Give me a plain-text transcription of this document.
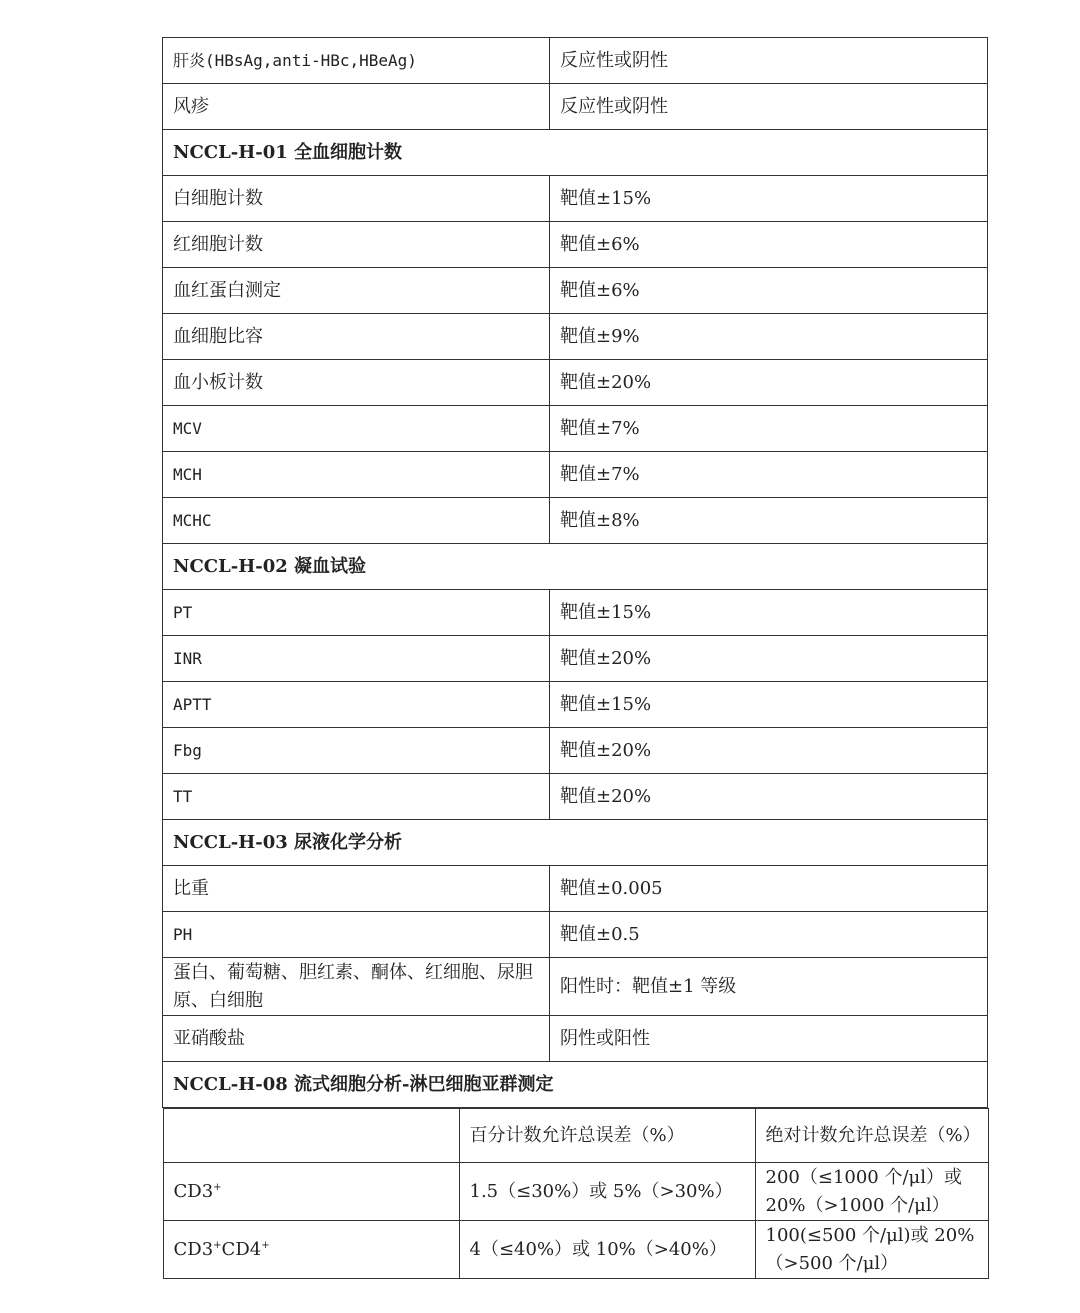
肝炎(HBsAg,anti-HBc,HBeAg)	反应性或阴性
风疹	反应性或阴性
NCCL-H-01 全血细胞计数
白细胞计数	靶值±15%
红细胞计数	靶值±6%
血红蛋白测定	靶值±6%
血细胞比容	靶值±9%
血小板计数	靶值±20%
MCV	靶值±7%
MCH	靶值±7%
MCHC	靶值±8%
NCCL-H-02 凝血试验
PT	靶值±15%
INR	靶值±20%
APTT	靶值±15%
Fbg	靶值±20%
TT	靶值±20%
NCCL-H-03 尿液化学分析
比重	靶值±0.005
PH	靶值±0.5
蛋白、葡萄糖、胆红素、酮体、红细胞、尿胆原、白细胞	阳性时：靶值±1 等级
亚硝酸盐	阴性或阳性
NCCL-H-08 流式细胞分析-淋巴细胞亚群测定

	百分计数允许总误差（%）	绝对计数允许总误差（%）
CD3+	1.5（≤30%）或 5%（>30%）	200（≤1000 个/μl）或 20%（>1000 个/μl）
CD3+CD4+	4（≤40%）或 10%（>40%）	100(≤500 个/μl)或 20%（>500 个/μl）
